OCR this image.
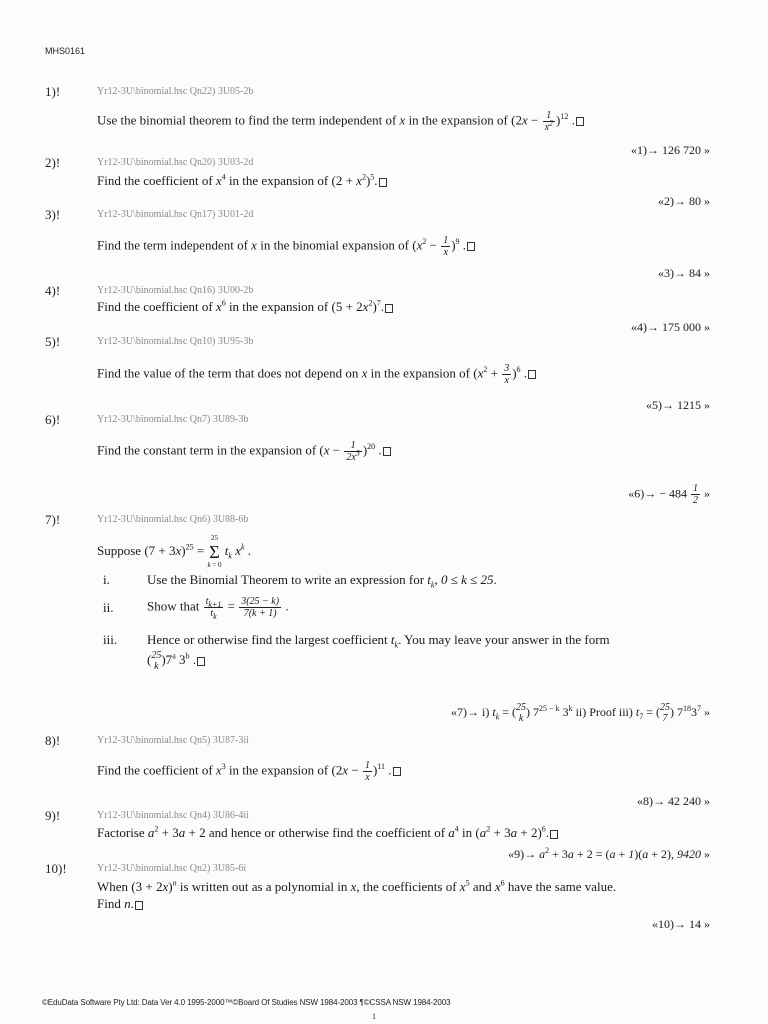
MHS0161
1)!	Yr12-3U\binomial.hsc Qn22) 3U05-2b
Use the binomial theorem to find the term independent of x in the expansion of $(2x - \frac{1}{x^2} )^{12}$ .
«1)→ 126 720 »
2)!	Yr12-3U\binomial.hsc Qn20) 3U03-2d
Find the coefficient of $x^4$ in the expansion of $(2 + x^2)^5$.
«2)→ 80 »
3)!	Yr12-3U\binomial.hsc Qn17) 3U01-2d
Find the term independent of x in the binomial expansion of $(x^2 - \frac{1}{x} )^9$ .
«3)→ 84 »
4)!	Yr12-3U\binomial.hsc Qn16) 3U00-2b
Find the coefficient of $x^6$ in the expansion of $(5 + 2x^2)^7$.
«4)→ 175 000 »
5)!	Yr12-3U\binomial.hsc Qn10) 3U95-3b
Find the value of the term that does not depend on x in the expansion of $(x^2 + \frac{3}{x} )^6$ .
«5)→ 1215 »
6)!	Yr12-3U\binomial.hsc Qn7) 3U89-3b
Find the constant term in the expansion of $(x - \frac{1}{2x^3} )^{20}$ .
«$6)\to - 484 \frac{1}{2}$ »
7)!	Yr12-3U\binomial.hsc Qn6) 3U88-6b
Suppose $(7 + 3x)^{25} = 25$
Σ
k = 0 $t_k$ $x^k$ .
i.	Use the Binomial Theorem to write an expression for $t_k$, 0 ≤ k ≤ 25.
ii.	Show that $\frac{t_{k+1}}{t_k} = \frac{3(25 - k)}{7(k + 1)}$ .
iii. Hence or otherwise find the largest coefficient $t_k$. You may leave your answer in the form
(25
k )7$^a$ 3$^b$ .
«7)→ i) $t_k = (25$
k ) $7^{25 - k}$ 3$^k$ ii) Proof iii) $t_7 = (25$
7 ) $7^{18}3^7$ »
8)!	Yr12-3U\binomial.hsc Qn5) 3U87-3ii
Find the coefficient of $x^3$ in the expansion of $(2x - \frac{1}{x} )^{11}$ .
«8)→ 42 240 »
9)!	Yr12-3U\binomial.hsc Qn4) 3U86-4ii
Factorise $a^2 + 3a + 2$ and hence or otherwise find the coefficient of $a^4$ in $(a^2 + 3a + 2)^6$.
«$9)\to a^2 + 3a + 2 = (a + 1)(a + 2)$, 9420 »
10)!	Yr12-3U\binomial.hsc Qn2) 3U85-6i
When $(3 + 2x)^n$ is written out as a polynomial in x, the coefficients of $x^5$ and $x^6$ have the same value.
Find n.
«10)→ 14 »
©EduData Software Pty Ltd: Data Ver 4.0 1995-2000™©Board Of Studies NSW 1984-2003 ¶©CSSA NSW 1984-2003
1
